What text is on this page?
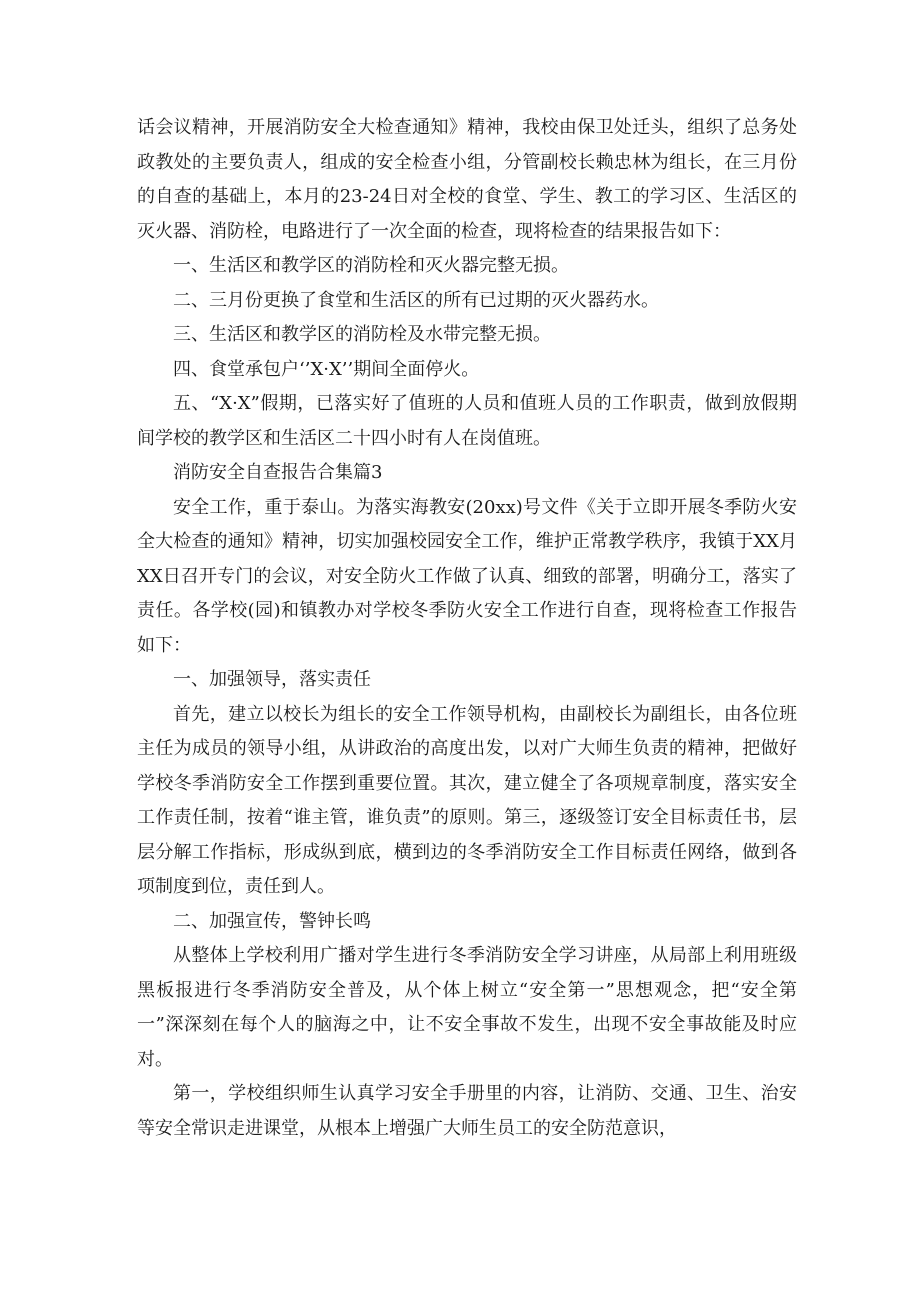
话会议精神，开展消防安全大检查通知》精神，我校由保卫处迁头，组织了总务处政教处的主要负责人，组成的安全检查小组，分管副校长赖忠林为组长，在三月份的自查的基础上，本月的23-24日对全校的食堂、学生、教工的学习区、生活区的灭火器、消防栓，电路进行了一次全面的检查，现将检查的结果报告如下：

一、生活区和教学区的消防栓和灭火器完整无损。

二、三月份更换了食堂和生活区的所有已过期的灭火器药水。

三、生活区和教学区的消防栓及水带完整无损。

四、食堂承包户‘’X·X’’期间全面停火。

五、“X·X”假期，已落实好了值班的人员和值班人员的工作职责，做到放假期间学校的教学区和生活区二十四小时有人在岗值班。

消防安全自查报告合集篇3

安全工作，重于泰山。为落实海教安(20xx)号文件《关于立即开展冬季防火安全大检查的通知》精神，切实加强校园安全工作，维护正常教学秩序，我镇于XX月XX日召开专门的会议，对安全防火工作做了认真、细致的部署，明确分工，落实了责任。各学校(园)和镇教办对学校冬季防火安全工作进行自查，现将检查工作报告如下：

一、加强领导，落实责任

首先，建立以校长为组长的安全工作领导机构，由副校长为副组长，由各位班主任为成员的领导小组，从讲政治的高度出发，以对广大师生负责的精神，把做好学校冬季消防安全工作摆到重要位置。其次，建立健全了各项规章制度，落实安全工作责任制，按着“谁主管，谁负责”的原则。第三，逐级签订安全目标责任书，层层分解工作指标，形成纵到底，横到边的冬季消防安全工作目标责任网络，做到各项制度到位，责任到人。

二、加强宣传，警钟长鸣

从整体上学校利用广播对学生进行冬季消防安全学习讲座，从局部上利用班级黑板报进行冬季消防安全普及，从个体上树立“安全第一”思想观念，把“安全第一”深深刻在每个人的脑海之中，让不安全事故不发生，出现不安全事故能及时应对。

第一，学校组织师生认真学习安全手册里的内容，让消防、交通、卫生、治安等安全常识走进课堂，从根本上增强广大师生员工的安全防范意识，
